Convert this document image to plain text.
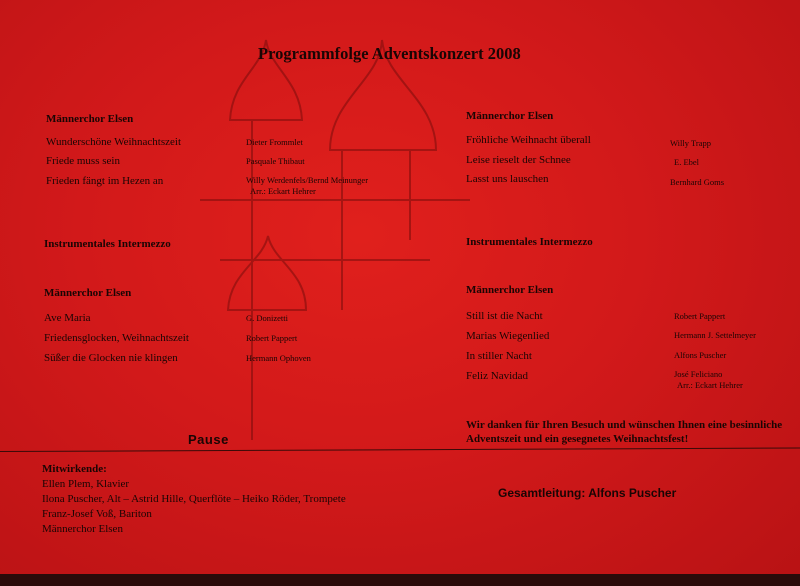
Programmfolge Adventskonzert 2008
Männerchor Elsen
Wunderschöne Weihnachtszeit	Dieter Frommlet
Friede muss sein	Pasquale Thibaut
Frieden fängt im Hezen an	Willy Werdenfels/Bernd Meinunger
Arr.: Eckart Hehrer
Instrumentales Intermezzo
Männerchor Elsen
Ave Maria	G. Donizetti
Friedensglocken, Weihnachtszeit	Robert Pappert
Süßer die Glocken nie klingen	Hermann Ophoven
Pause
Männerchor Elsen
Fröhliche Weihnacht überall	Willy Trapp
Leise rieselt der Schnee	E. Ebel
Lasst uns lauschen	Bernhard Goms
Instrumentales Intermezzo
Männerchor Elsen
Still ist die Nacht	Robert Pappert
Marias Wiegenlied	Hermann J. Settelmeyer
In stiller Nacht	Alfons Puscher
Feliz Navidad	José Feliciano
Arr.: Eckart Hehrer
Wir danken für Ihren Besuch und wünschen Ihnen eine besinnliche Adventszeit und ein gesegnetes Weihnachtsfest!
Mitwirkende:
Ellen Plem, Klavier
Ilona Puscher, Alt – Astrid Hille, Querflöte – Heiko Röder, Trompete
Franz-Josef Voß, Bariton
Männerchor Elsen
Gesamtleitung: Alfons Puscher
